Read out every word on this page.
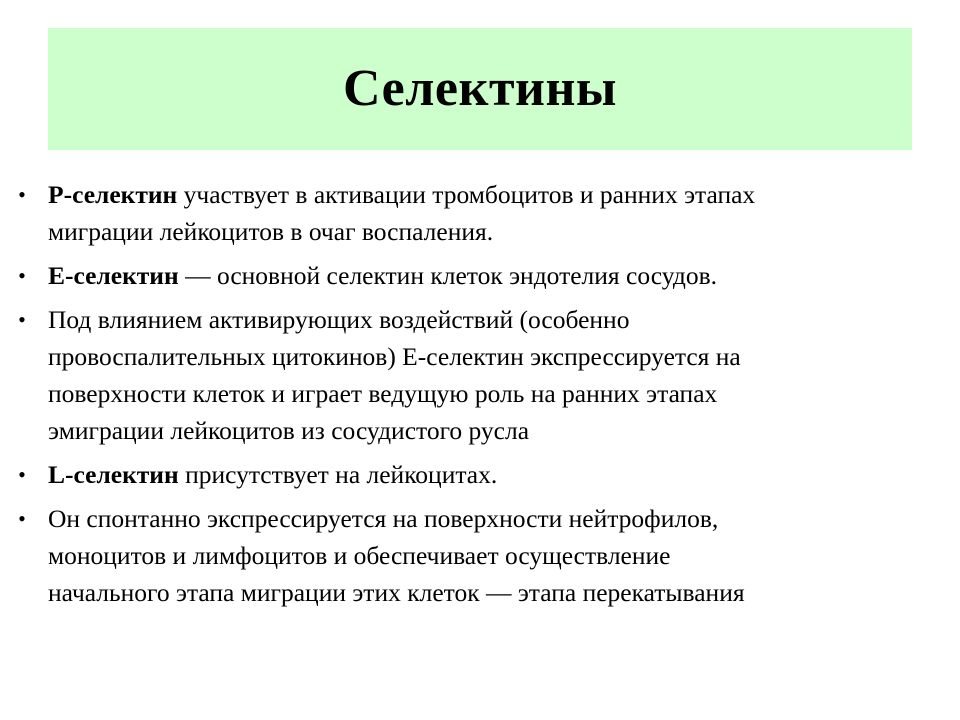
Селектины
• P-селектин участвует в активации тромбоцитов и ранних этапах
миграции лейкоцитов в очаг воспаления.
• E-селектин — основной селектин клеток эндотелия сосудов.
• Под влиянием активирующих воздействий (особенно
провоспалительных цитокинов) Е-селектин экспрессируется на
поверхности клеток и играет ведущую роль на ранних этапах
эмиграции лейкоцитов из сосудистого русла
• L-селектин присутствует на лейкоцитах.
• Он спонтанно экспрессируется на поверхности нейтрофилов,
моноцитов и лимфоцитов и обеспечивает осуществление
начального этапа миграции этих клеток — этапа перекатывания
